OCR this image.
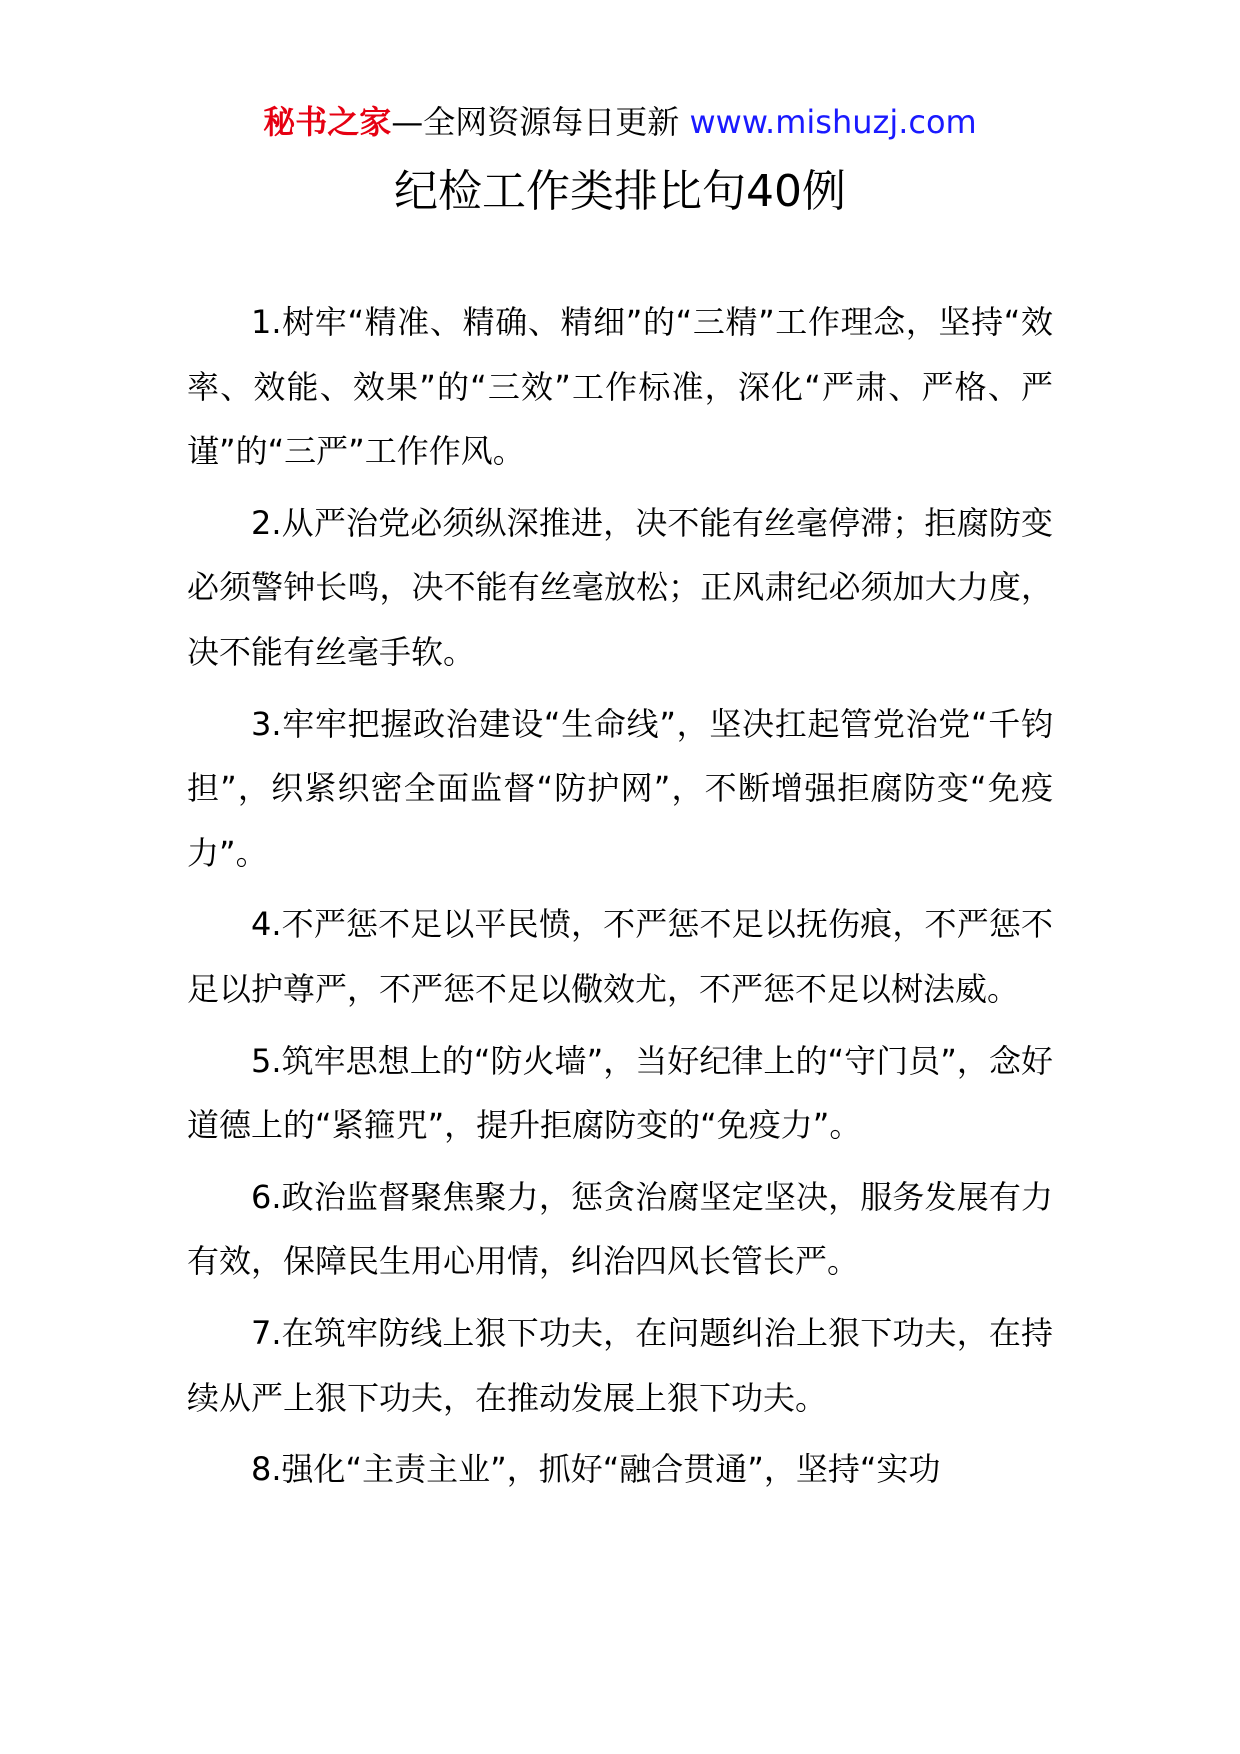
秘书之家—全网资源每日更新 www.mishuzj.com
纪检工作类排比句40例

1.树牢“精准、精确、精细”的“三精”工作理念，坚持“效率、效能、效果”的“三效”工作标准，深化“严肃、严格、严谨”的“三严”工作作风。

2.从严治党必须纵深推进，决不能有丝毫停滞；拒腐防变必须警钟长鸣，决不能有丝毫放松；正风肃纪必须加大力度，决不能有丝毫手软。

3.牢牢把握政治建设“生命线”，坚决扛起管党治党“千钧担”，织紧织密全面监督“防护网”，不断增强拒腐防变“免疫力”。

4.不严惩不足以平民愤，不严惩不足以抚伤痕，不严惩不足以护尊严，不严惩不足以儆效尤，不严惩不足以树法威。

5.筑牢思想上的“防火墙”，当好纪律上的“守门员”，念好道德上的“紧箍咒”，提升拒腐防变的“免疫力”。

6.政治监督聚焦聚力，惩贪治腐坚定坚决，服务发展有力有效，保障民生用心用情，纠治四风长管长严。

7.在筑牢防线上狠下功夫，在问题纠治上狠下功夫，在持续从严上狠下功夫，在推动发展上狠下功夫。

8.强化“主责主业”，抓好“融合贯通”，坚持“实功
